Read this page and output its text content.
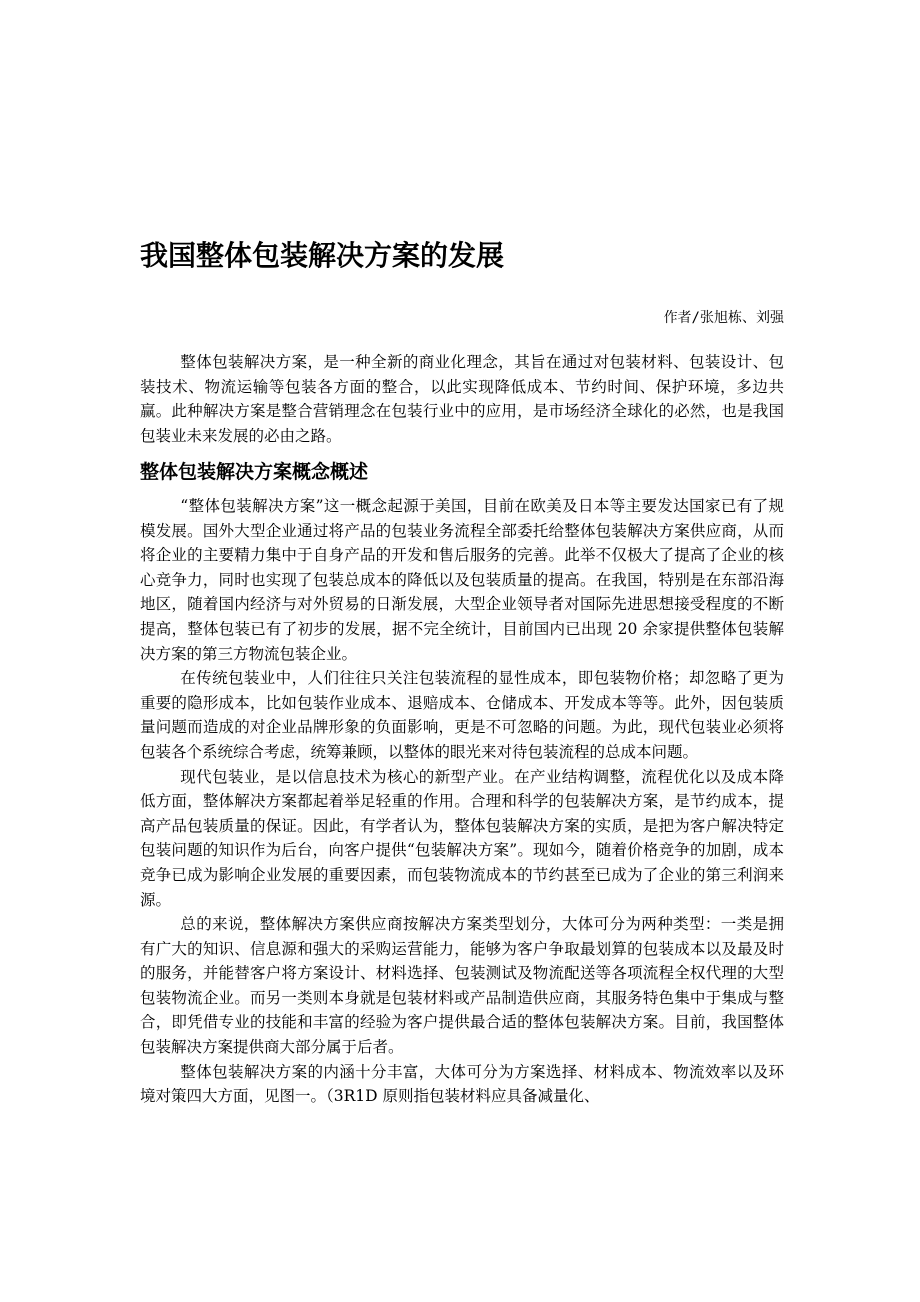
我国整体包装解决方案的发展
作者/张旭栋、刘强

整体包装解决方案，是一种全新的商业化理念，其旨在通过对包装材料、包装设计、包装技术、物流运输等包装各方面的整合，以此实现降低成本、节约时间、保护环境，多边共赢。此种解决方案是整合营销理念在包装行业中的应用，是市场经济全球化的必然，也是我国包装业未来发展的必由之路。

整体包装解决方案概念概述

“整体包装解决方案”这一概念起源于美国，目前在欧美及日本等主要发达国家已有了规模发展。国外大型企业通过将产品的包装业务流程全部委托给整体包装解决方案供应商，从而将企业的主要精力集中于自身产品的开发和售后服务的完善。此举不仅极大了提高了企业的核心竞争力，同时也实现了包装总成本的降低以及包装质量的提高。在我国，特别是在东部沿海地区，随着国内经济与对外贸易的日渐发展，大型企业领导者对国际先进思想接受程度的不断提高，整体包装已有了初步的发展，据不完全统计，目前国内已出现 20 余家提供整体包装解决方案的第三方物流包装企业。

在传统包装业中，人们往往只关注包装流程的显性成本，即包装物价格；却忽略了更为重要的隐形成本，比如包装作业成本、退赔成本、仓储成本、开发成本等等。此外，因包装质量问题而造成的对企业品牌形象的负面影响，更是不可忽略的问题。为此，现代包装业必须将包装各个系统综合考虑，统筹兼顾，以整体的眼光来对待包装流程的总成本问题。

现代包装业，是以信息技术为核心的新型产业。在产业结构调整，流程优化以及成本降低方面，整体解决方案都起着举足轻重的作用。合理和科学的包装解决方案，是节约成本，提高产品包装质量的保证。因此，有学者认为，整体包装解决方案的实质，是把为客户解决特定包装问题的知识作为后台，向客户提供“包装解决方案”。现如今，随着价格竞争的加剧，成本竞争已成为影响企业发展的重要因素，而包装物流成本的节约甚至已成为了企业的第三利润来源。

总的来说，整体解决方案供应商按解决方案类型划分，大体可分为两种类型：一类是拥有广大的知识、信息源和强大的采购运营能力，能够为客户争取最划算的包装成本以及最及时的服务，并能替客户将方案设计、材料选择、包装测试及物流配送等各项流程全权代理的大型包装物流企业。而另一类则本身就是包装材料或产品制造供应商，其服务特色集中于集成与整合，即凭借专业的技能和丰富的经验为客户提供最合适的整体包装解决方案。目前，我国整体包装解决方案提供商大部分属于后者。

整体包装解决方案的内涵十分丰富，大体可分为方案选择、材料成本、物流效率以及环境对策四大方面，见图一。（3R1D 原则指包装材料应具备减量化、
